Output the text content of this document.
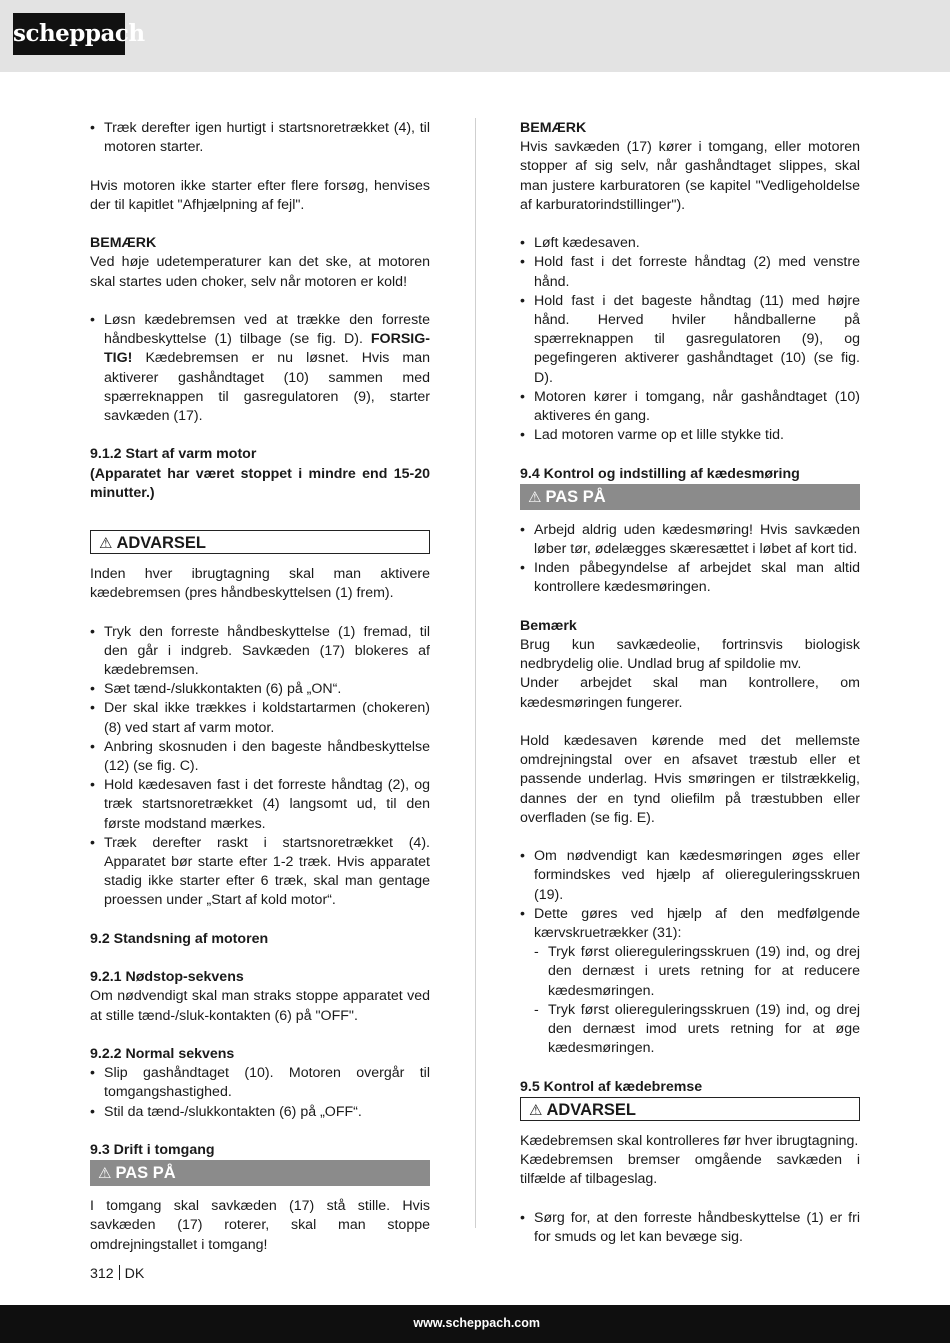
scheppach
• Træk derefter igen hurtigt i startsnoretrækket (4), til motoren starter.

Hvis motoren ikke starter efter flere forsøg, henvises der til kapitlet "Afhjælpning af fejl".

BEMÆRK

Ved høje udetemperaturer kan det ske, at motoren skal startes uden choker, selv når motoren er kold!

• Løsn kædebremsen ved at trække den forreste håndbeskyttelse (1) tilbage (se fig. D). FORSIG-TIG! Kædebremsen er nu løsnet. Hvis man aktiverer gashåndtaget (10) sammen med spærreknappen til gasregulatoren (9), starter savkæden (17).
9.1.2 Start af varm motor

(Apparatet har været stoppet i mindre end 15-20 minutter.)

⚠ ADVARSEL

Inden hver ibrugtagning skal man aktivere kædebremsen (pres håndbeskyttelsen (1) frem).

• Tryk den forreste håndbeskyttelse (1) fremad, til den går i indgreb. Savkæden (17) blokeres af kædebremsen.
• Sæt tænd-/slukkontakten (6) på „ON“.
• Der skal ikke trækkes i koldstartarmen (chokeren) (8) ved start af varm motor.
• Anbring skosnuden i den bageste håndbeskyttelse (12) (se fig. C).
• Hold kædesaven fast i det forreste håndtag (2), og træk startsnoretrækket (4) langsomt ud, til den første modstand mærkes.
• Træk derefter raskt i startsnoretrækket (4). Apparatet bør starte efter 1-2 træk. Hvis apparatet stadig ikke starter efter 6 træk, skal man gentage proessen under „Start af kold motor“.
9.2 Standsning af motoren
9.2.1 Nødstop-sekvens

Om nødvendigt skal man straks stoppe apparatet ved at stille tænd-/sluk-kontakten (6) på "OFF".

9.2.2 Normal sekvens
• Slip gashåndtaget (10). Motoren overgår til tomgangshastighed.
• Stil da tænd-/slukkontakten (6) på „OFF“.
9.3 Drift i tomgang
⚠ PAS PÅ

I tomgang skal savkæden (17) stå stille. Hvis savkæden (17) roterer, skal man stoppe omdrejningstallet i tomgang!

BEMÆRK

Hvis savkæden (17) kører i tomgang, eller motoren stopper af sig selv, når gashåndtaget slippes, skal man justere karburatoren (se kapitel "Vedligeholdelse af karburatorindstillinger").

• Løft kædesaven.
• Hold fast i det forreste håndtag (2) med venstre hånd.
• Hold fast i det bageste håndtag (11) med højre hånd. Herved hviler håndballerne på spærreknappen til gasregulatoren (9), og pegefingeren aktiverer gashåndtaget (10) (se fig. D).
• Motoren kører i tomgang, når gashåndtaget (10) aktiveres én gang.
• Lad motoren varme op et lille stykke tid.
9.4 Kontrol og indstilling af kædesmøring
⚠ PAS PÅ
• Arbejd aldrig uden kædesmøring! Hvis savkæden løber tør, ødelægges skæresættet i løbet af kort tid.
• Inden påbegyndelse af arbejdet skal man altid kontrollere kædesmøringen.
Bemærk

Brug kun savkædeolie, fortrinsvis biologisk nedbrydelig olie. Undlad brug af spildolie mv.

Under arbejdet skal man kontrollere, om kædesmøringen fungerer.

Hold kædesaven kørende med det mellemste omdrejningstal over en afsavet træstub eller et passende underlag. Hvis smøringen er tilstrækkelig, dannes der en tynd oliefilm på træstubben eller overfladen (se fig. E).

• Om nødvendigt kan kædesmøringen øges eller formindskes ved hjælp af oliereguleringsskruen (19).
• Dette gøres ved hjælp af den medfølgende kærvskruetrækker (31):
- Tryk først oliereguleringsskruen (19) ind, og drej den dernæst i urets retning for at reducere kædesmøringen.
- Tryk først oliereguleringsskruen (19) ind, og drej den dernæst imod urets retning for at øge kædesmøringen.
9.5 Kontrol af kædebremse
⚠ ADVARSEL

Kædebremsen skal kontrolleres før hver ibrugtagning.

Kædebremsen bremser omgående savkæden i tilfælde af tilbageslag.

• Sørg for, at den forreste håndbeskyttelse (1) er fri for smuds og let kan bevæge sig.
312 DK
www.scheppach.com
